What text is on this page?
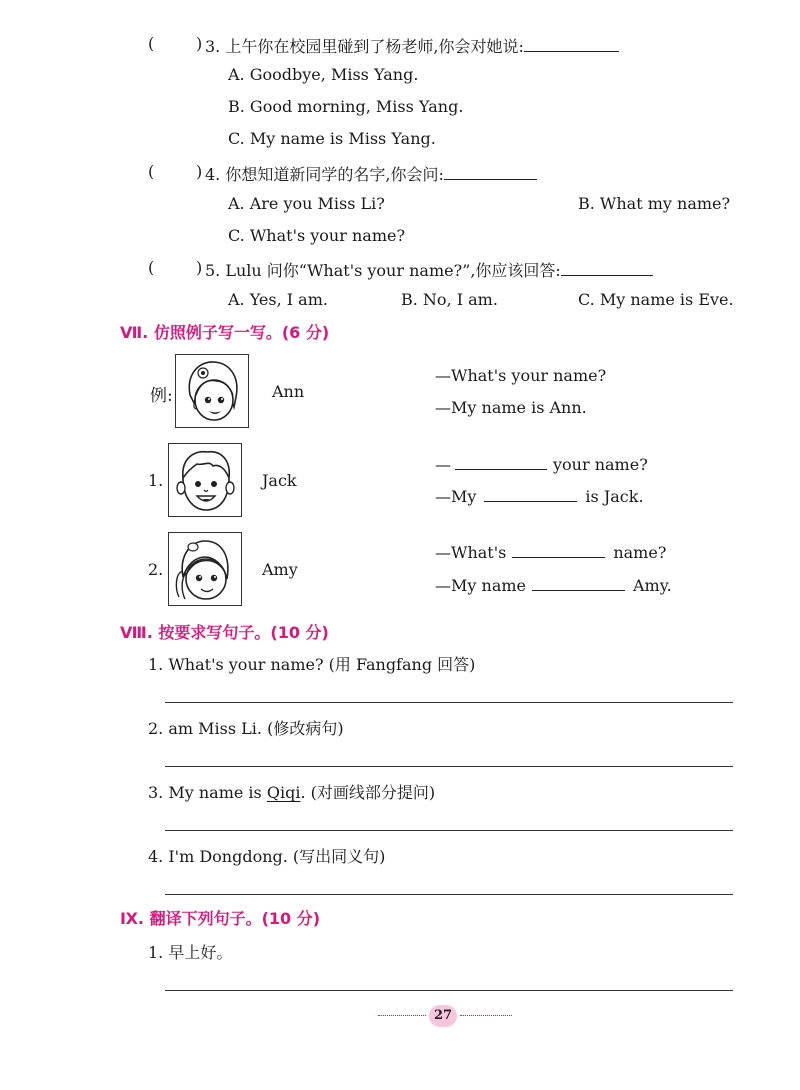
(	) 3. 上午你在校园里碰到了杨老师,你会对她说:
A. Goodbye, Miss Yang.
B. Good morning, Miss Yang.
C. My name is Miss Yang.
(	) 4. 你想知道新同学的名字,你会问:
A. Are you Miss Li?	B. What my name?
C. What's your name?
(	) 5. Lulu 问你“What's your name?”,你应该回答:
A. Yes, I am.	B. No, I am.	C. My name is Eve.
Ⅶ. 仿照例子写一写。(6 分)
例:	Ann
—What's your name?
—My name is Ann.
1.	Jack
—	your name?
—My	is Jack.
2.	Amy
—What's	name?
—My name	Amy.
Ⅷ. 按要求写句子。(10 分)
1. What's your name? (用 Fangfang 回答)
2. am Miss Li. (修改病句)
3. My name is Qiqi. (对画线部分提问)
4. I'm Dongdong. (写出同义句)
Ⅸ. 翻译下列句子。(10 分)
1. 早上好。
27
